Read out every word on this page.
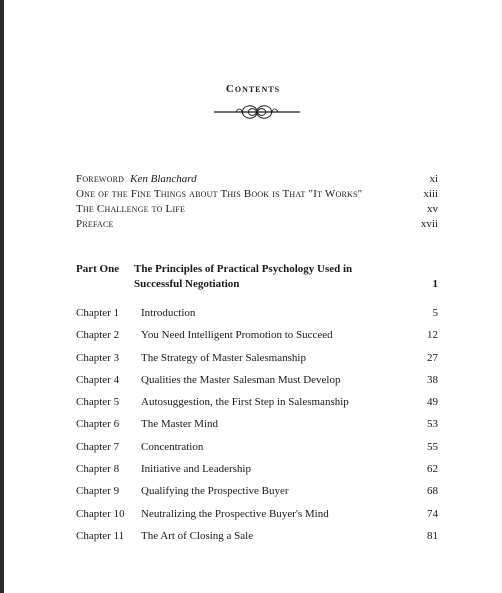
Contents
Foreword Ken Blanchard	xi
One of the Fine Things about This Book is That "It Works"	xiii
The Challenge to Life	xv
Preface	xvii
Part One	The Principles of Practical Psychology Used in
Successful Negotiation	1
Chapter 1	Introduction	5
Chapter 2	You Need Intelligent Promotion to Succeed	12
Chapter 3	The Strategy of Master Salesmanship	27
Chapter 4	Qualities the Master Salesman Must Develop	38
Chapter 5	Autosuggestion, the First Step in Salesmanship	49
Chapter 6	The Master Mind	53
Chapter 7	Concentration	55
Chapter 8	Initiative and Leadership	62
Chapter 9	Qualifying the Prospective Buyer	68
Chapter 10	Neutralizing the Prospective Buyer's Mind	74
Chapter 11	The Art of Closing a Sale	81
